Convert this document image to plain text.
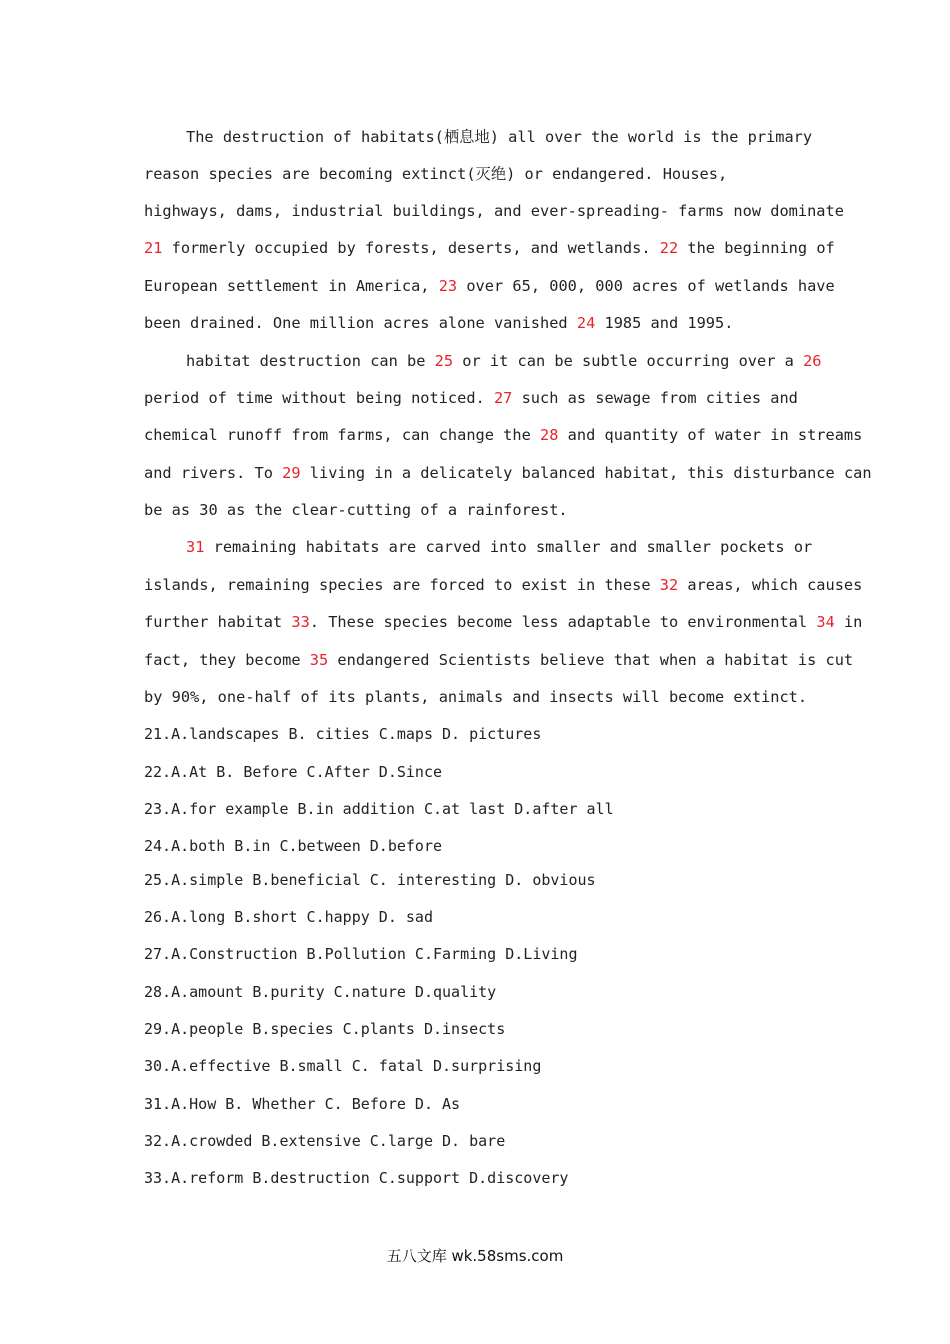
The destruction of habitats(栖息地) all over the world is the primary
reason species are becoming extinct(灭绝) or endangered. Houses,
highways, dams, industrial buildings, and ever-spreading- farms now dominate
21 formerly occupied by forests, deserts, and wetlands. 22 the beginning of
European settlement in America, 23 over 65, 000, 000 acres of wetlands have
been drained. One million acres alone vanished 24 1985 and 1995.
habitat destruction can be 25 or it can be subtle occurring over a 26
period of time without being noticed. 27 such as sewage from cities and
chemical runoff from farms, can change the 28 and quantity of water in streams
and rivers. To 29 living in a delicately balanced habitat, this disturbance can
be as 30 as the clear-cutting of a rainforest.
31 remaining habitats are carved into smaller and smaller pockets or
islands, remaining species are forced to exist in these 32 areas, which causes
further habitat 33. These species become less adaptable to environmental 34 in
fact, they become 35 endangered Scientists believe that when a habitat is cut
by 90%, one-half of its plants, animals and insects will become extinct.
21.A.landscapes B. cities C.maps D. pictures
22.A.At B. Before C.After D.Since
23.A.for example B.in addition C.at last D.after all
24.A.both B.in C.between D.before
25.A.simple B.beneficial C. interesting D. obvious
26.A.long B.short C.happy D. sad
27.A.Construction B.Pollution C.Farming D.Living
28.A.amount B.purity C.nature D.quality
29.A.people B.species C.plants D.insects
30.A.effective B.small C. fatal D.surprising
31.A.How B. Whether C. Before D. As
32.A.crowded B.extensive C.large D. bare
33.A.reform B.destruction C.support D.discovery
五八文库 wk.58sms.com
